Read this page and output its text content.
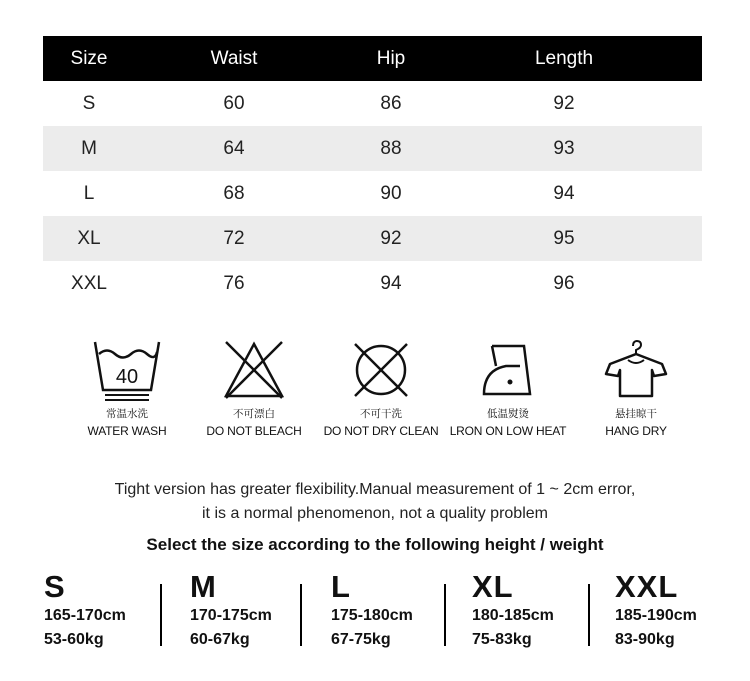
Size	Waist	Hip	Length
S	60	86	92
M	64	88	93
L	68	90	94
XL	72	92	95
XXL	76	94	96
40
常温水洗
WATER WASH
不可漂白
DO NOT BLEACH
不可干洗
DO NOT DRY CLEAN
低温熨烫
LRON ON LOW HEAT
悬挂晾干
HANG DRY
Tight version has greater flexibility.Manual measurement of 1 ~ 2cm error,
it is a normal phenomenon, not a quality problem
Select the size according to the following height / weight
S
165-170cm
53-60kg
M
170-175cm
60-67kg
L
175-180cm
67-75kg
XL
180-185cm
75-83kg
XXL
185-190cm
83-90kg
